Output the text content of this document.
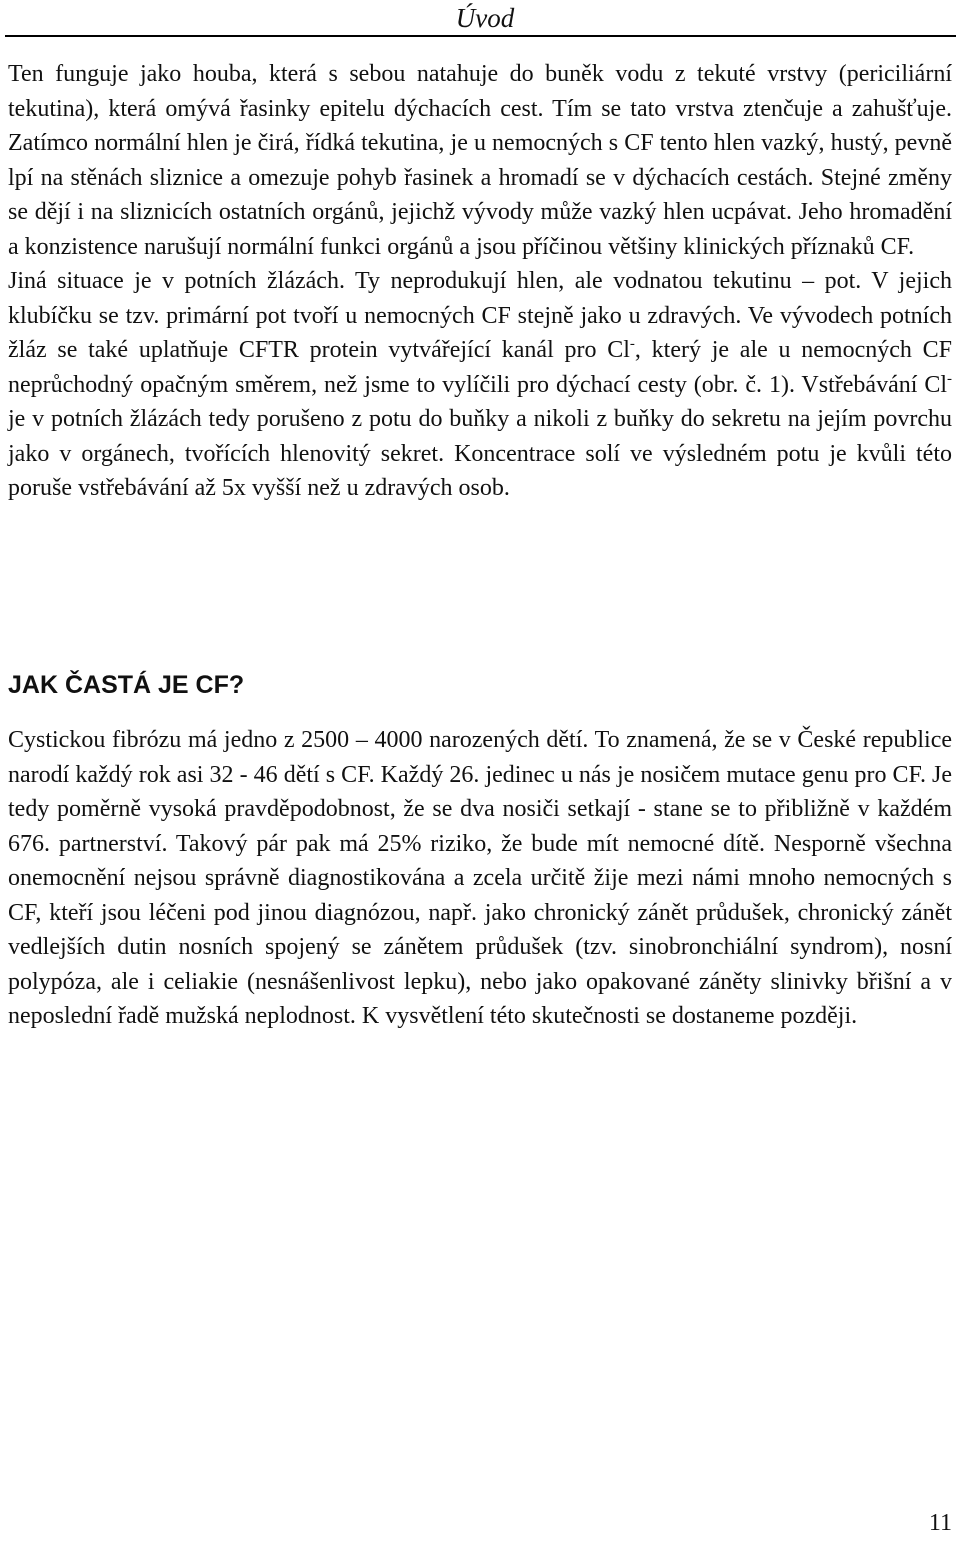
Úvod

Ten funguje jako houba, která s sebou natahuje do buněk vodu z tekuté vrstvy (periciliární tekutina), která omývá řasinky epitelu dýchacích cest. Tím se tato vrstva ztenčuje a zahušťuje. Zatímco normální hlen je čirá, řídká tekutina, je u nemocných s CF tento hlen vazký, hustý, pevně lpí na stěnách sliznice a omezuje pohyb řasinek a hromadí se v dýchacích cestách. Stejné změny se dějí i na sliznicích ostatních orgánů, jejichž vývody může vazký hlen ucpávat. Jeho hromadění a konzistence narušují normální funkci orgánů a jsou příčinou většiny klinických příznaků CF.

Jiná situace je v potních žlázách. Ty neprodukují hlen, ale vodnatou tekutinu – pot. V jejich klubíčku se tzv. primární pot tvoří u nemocných CF stejně jako u zdravých. Ve vývodech potních žláz se také uplatňuje CFTR protein vytvářející kanál pro Cl-, který je ale u nemocných CF neprůchodný opačným směrem, než jsme to vylíčili pro dýchací cesty (obr. č. 1). Vstřebávání Cl- je v potních žlázách tedy porušeno z potu do buňky a nikoli z buňky do sekretu na jejím povrchu jako v orgánech, tvořících hlenovitý sekret. Koncentrace solí ve výsledném potu je kvůli této poruše vstřebávání až 5x vyšší než u zdravých osob.

JAK ČASTÁ JE CF?

Cystickou fibrózu má jedno z 2500 – 4000 narozených dětí. To znamená, že se v České republice narodí každý rok asi 32 - 46 dětí s CF. Každý 26. jedinec u nás je nosičem mutace genu pro CF. Je tedy poměrně vysoká pravděpodobnost, že se dva nosiči setkají - stane se to přibližně v každém 676. partnerství. Takový pár pak má 25% riziko, že bude mít nemocné dítě. Nesporně všechna onemocnění nejsou správně diagnostikována a zcela určitě žije mezi námi mnoho nemocných s CF, kteří jsou léčeni pod jinou diagnózou, např. jako chronický zánět průdušek, chronický zánět vedlejších dutin nosních spojený se zánětem průdušek (tzv. sinobronchiální syndrom), nosní polypóza, ale i celiakie (nesnášenlivost lepku), nebo jako opakované záněty slinivky břišní a v neposlední řadě mužská neplodnost. K vysvětlení této skutečnosti se dostaneme později.

11
